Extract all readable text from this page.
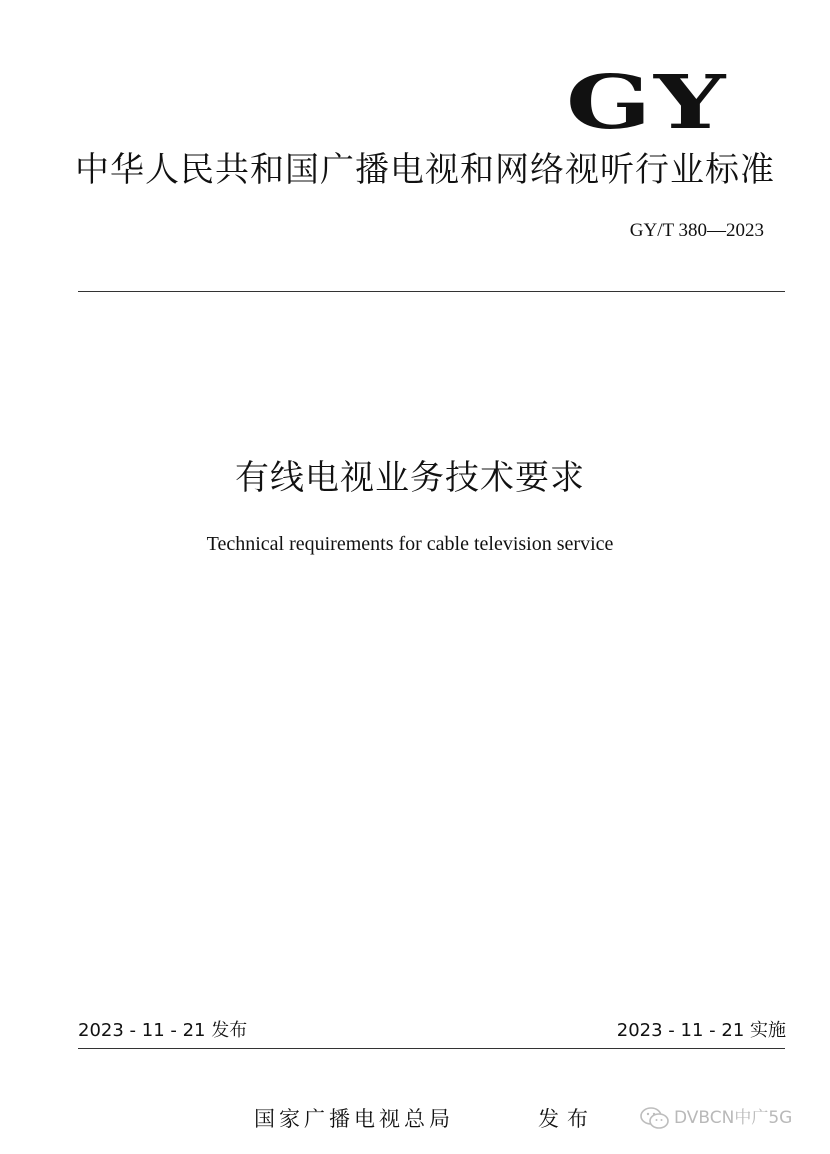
GY
中华人民共和国广播电视和网络视听行业标准
GY/T 380—2023
有线电视业务技术要求
Technical requirements for cable television service
2023 - 11 - 21 发布	2023 - 11 - 21 实施
国家广播电视总局	发布	DVBCN中广5G
